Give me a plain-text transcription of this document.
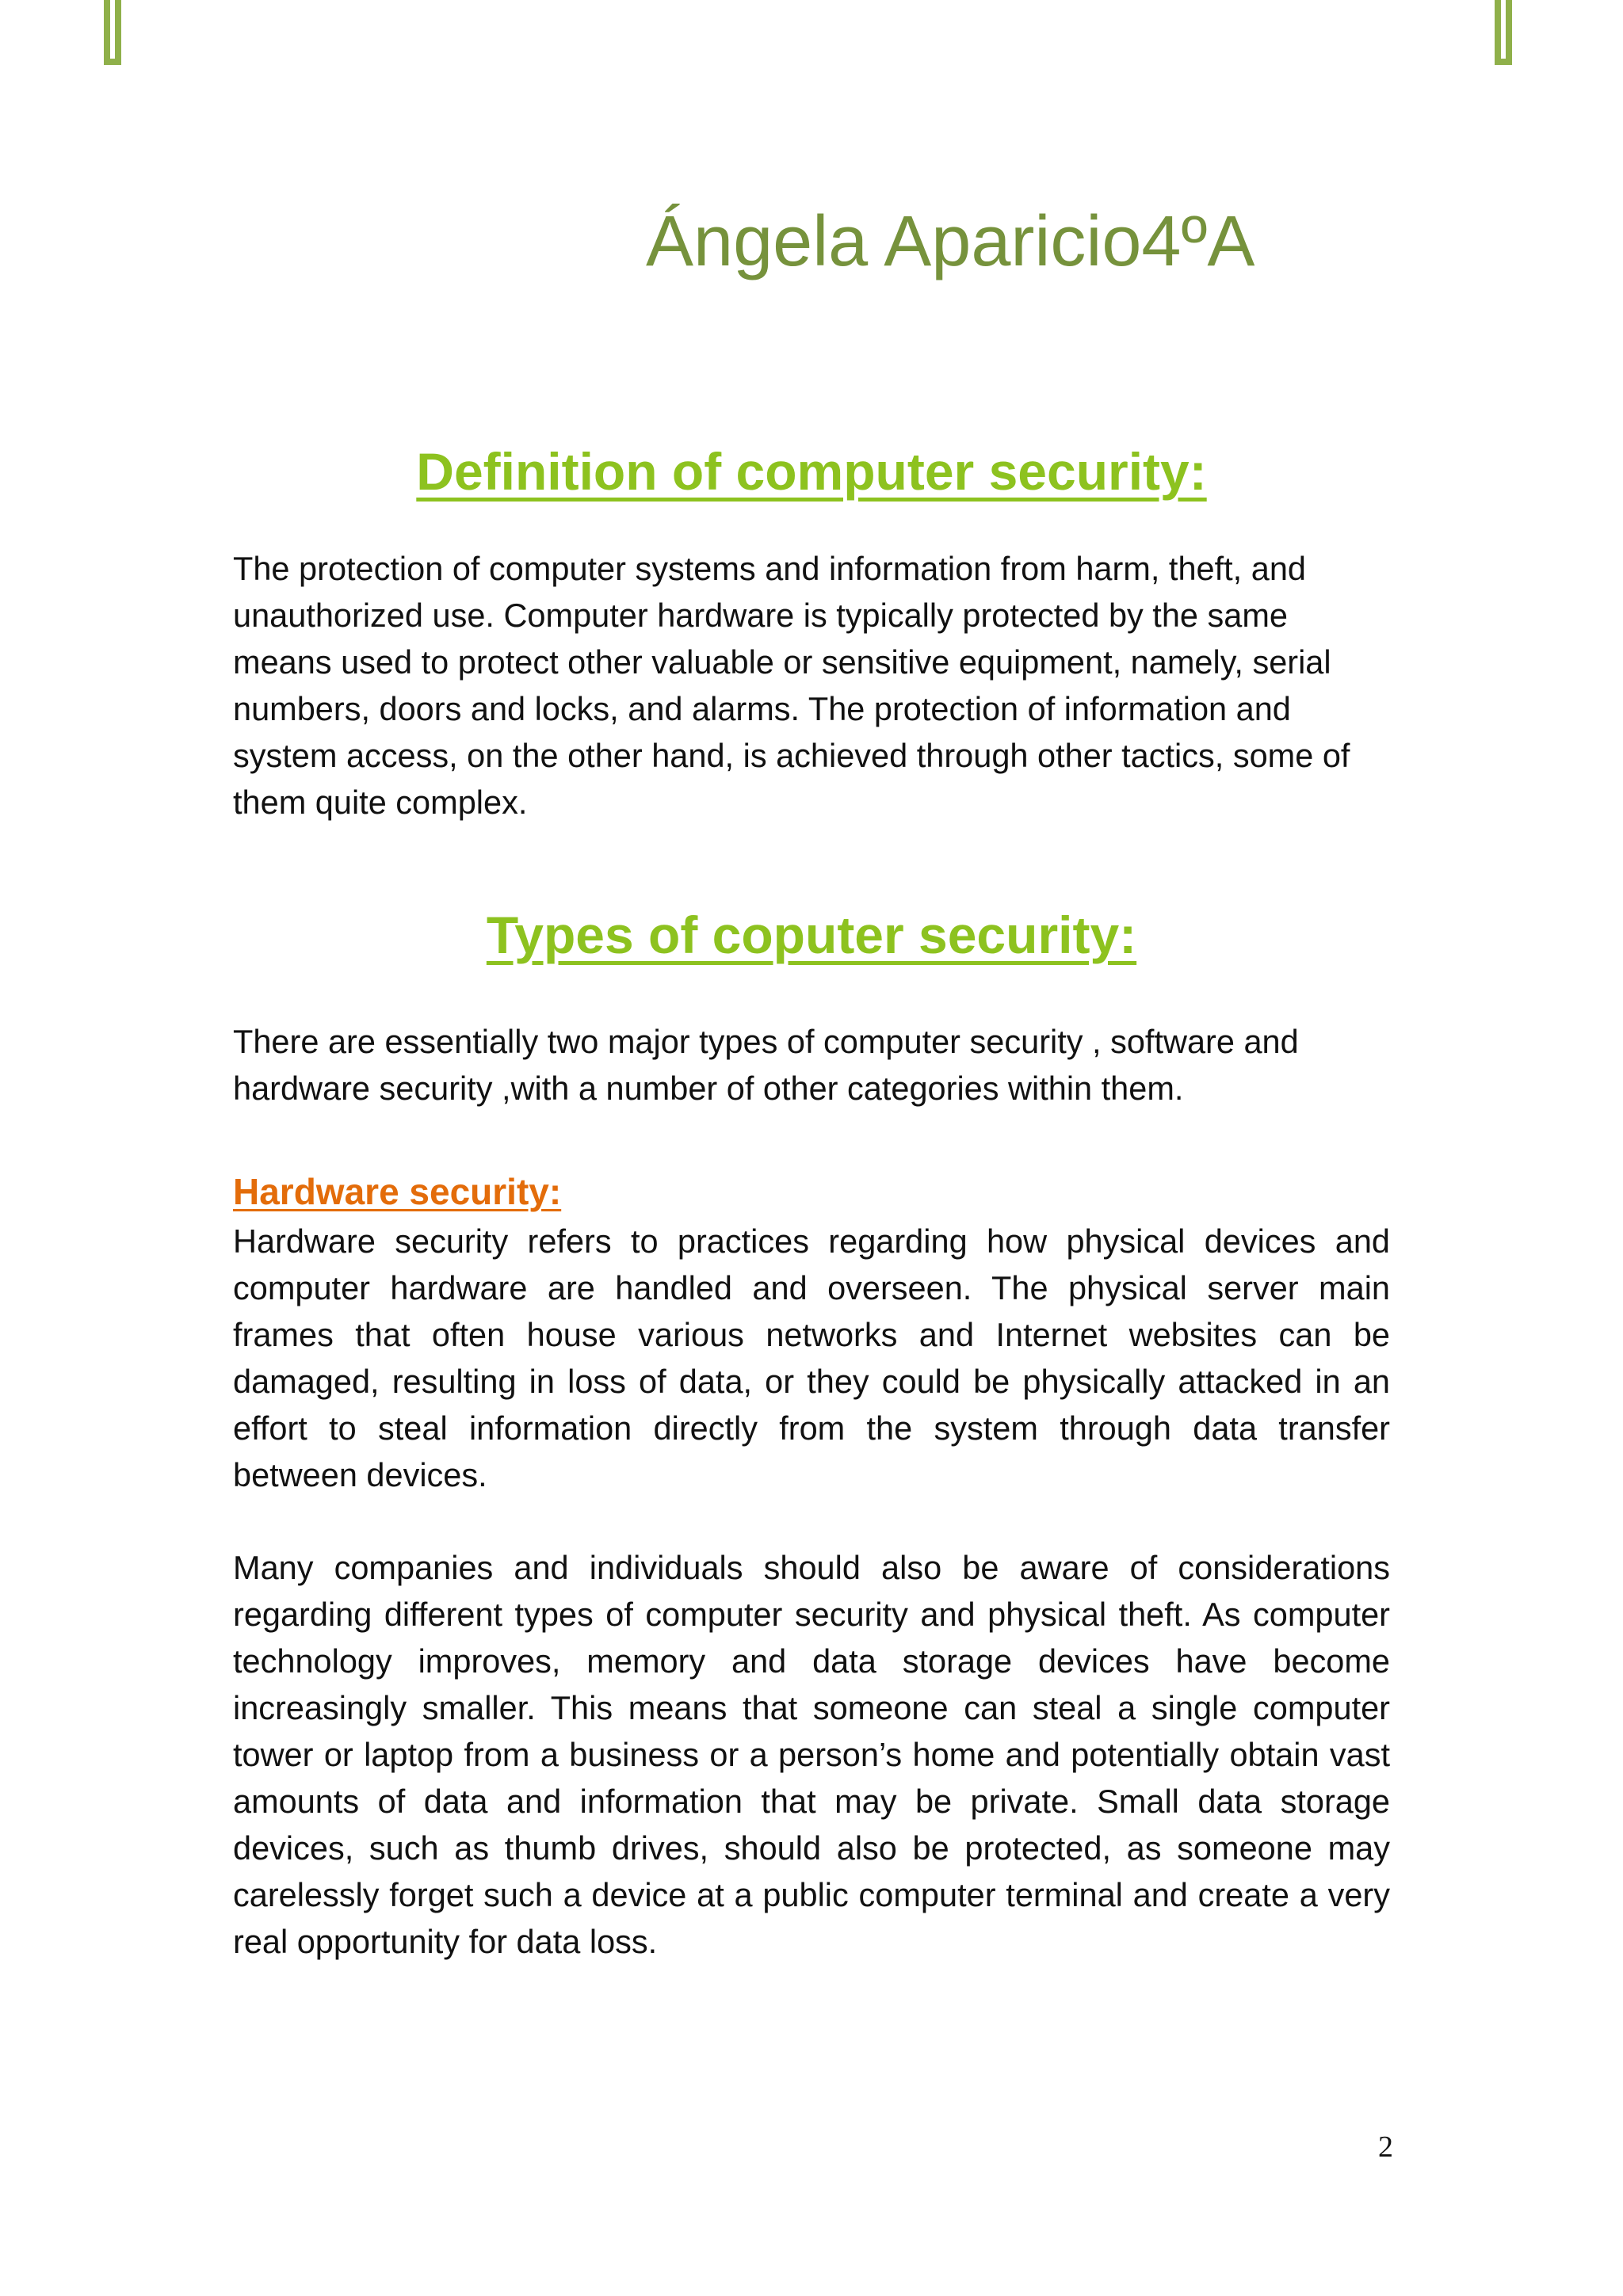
Ángela Aparicio4ºA
Definition of computer security:

The protection of computer systems and information from harm, theft, and unauthorized use. Computer hardware is typically protected by the same means used to protect other valuable or sensitive equipment, namely, serial numbers, doors and locks, and alarms. The protection of information and system access, on the other hand, is achieved through other tactics, some of them quite complex.

Types of coputer security:

There are essentially two major types of computer security , software and hardware security ,with a number of other categories within them.

Hardware security:

Hardware security refers to practices regarding how physical devices and computer hardware are handled and overseen. The physical server main frames that often house various networks and Internet websites can be damaged, resulting in loss of data, or they could be physically attacked in an effort to steal information directly from the system through data transfer between devices.

Many companies and individuals should also be aware of considerations regarding different types of computer security and physical theft. As computer technology improves, memory and data storage devices have become increasingly smaller. This means that someone can steal a single computer tower or laptop from a business or a person’s home and potentially obtain vast amounts of data and information that may be private. Small data storage devices, such as thumb drives, should also be protected, as someone may carelessly forget such a device at a public computer terminal and create a very real opportunity for data loss.

2
